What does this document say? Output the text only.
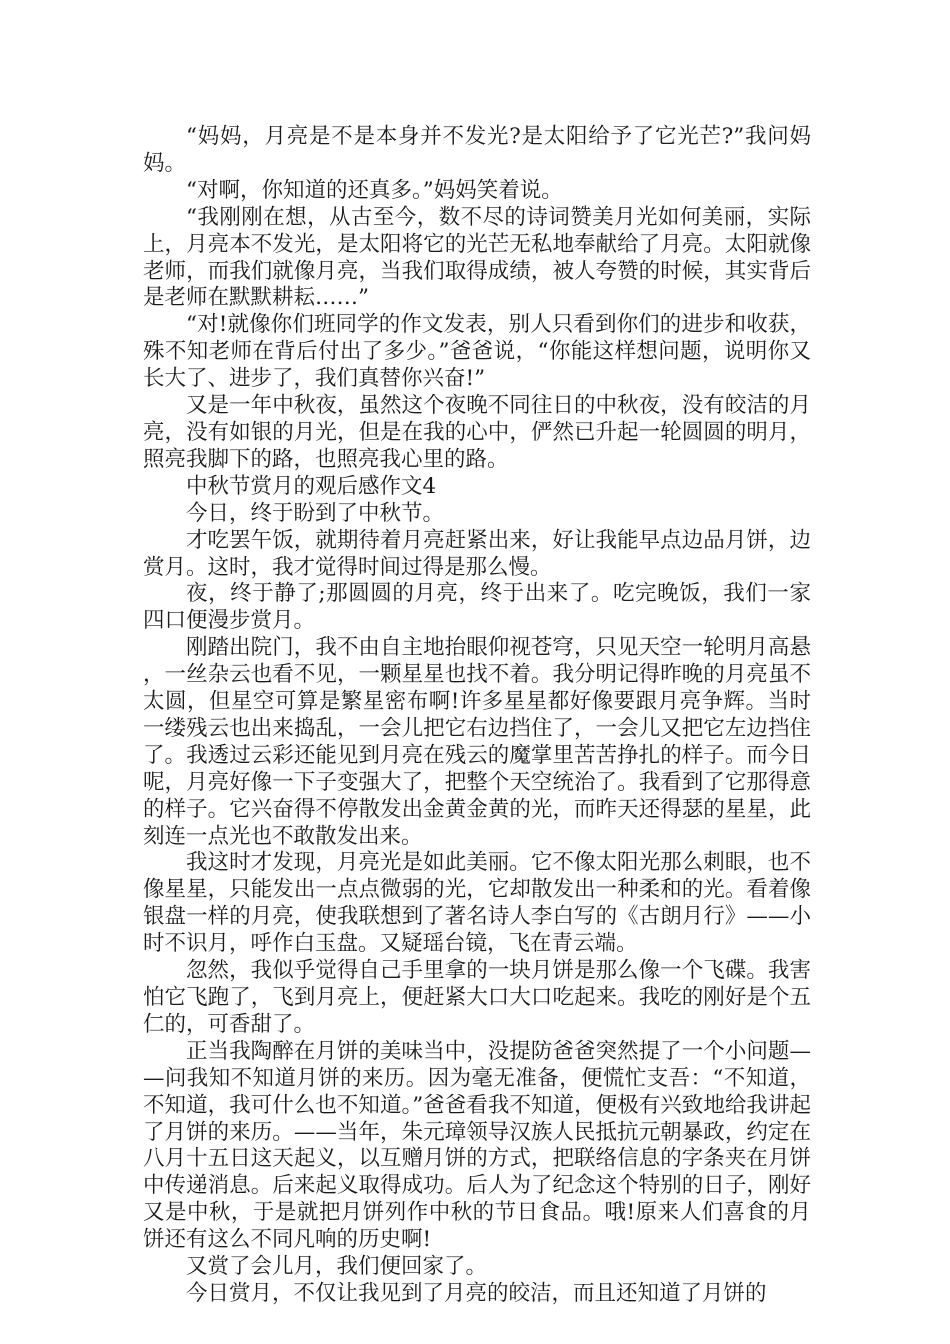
“妈妈，月亮是不是本身并不发光?是太阳给予了它光芒?”我问妈妈。

“对啊，你知道的还真多。”妈妈笑着说。

“我刚刚在想，从古至今，数不尽的诗词赞美月光如何美丽，实际上，月亮本不发光，是太阳将它的光芒无私地奉献给了月亮。太阳就像老师，而我们就像月亮，当我们取得成绩，被人夸赞的时候，其实背后是老师在默默耕耘……”

“对!就像你们班同学的作文发表，别人只看到你们的进步和收获，殊不知老师在背后付出了多少。”爸爸说，“你能这样想问题，说明你又长大了、进步了，我们真替你兴奋!”

又是一年中秋夜，虽然这个夜晚不同往日的中秋夜，没有皎洁的月亮，没有如银的月光，但是在我的心中，俨然已升起一轮圆圆的明月，照亮我脚下的路，也照亮我心里的路。

中秋节赏月的观后感作文4

今日，终于盼到了中秋节。

才吃罢午饭，就期待着月亮赶紧出来，好让我能早点边品月饼，边赏月。这时，我才觉得时间过得是那么慢。

夜，终于静了;那圆圆的月亮，终于出来了。吃完晚饭，我们一家四口便漫步赏月。

刚踏出院门，我不由自主地抬眼仰视苍穹，只见天空一轮明月高悬，一丝杂云也看不见，一颗星星也找不着。我分明记得昨晚的月亮虽不太圆，但星空可算是繁星密布啊!许多星星都好像要跟月亮争辉。当时一缕残云也出来捣乱，一会儿把它右边挡住了，一会儿又把它左边挡住了。我透过云彩还能见到月亮在残云的魔掌里苦苦挣扎的样子。而今日呢，月亮好像一下子变强大了，把整个天空统治了。我看到了它那得意的样子。它兴奋得不停散发出金黄金黄的光，而昨天还得瑟的星星，此刻连一点光也不敢散发出来。

我这时才发现，月亮光是如此美丽。它不像太阳光那么刺眼，也不像星星，只能发出一点点微弱的光，它却散发出一种柔和的光。看着像银盘一样的月亮，使我联想到了著名诗人李白写的《古朗月行》——小时不识月，呼作白玉盘。又疑瑶台镜，飞在青云端。

忽然，我似乎觉得自己手里拿的一块月饼是那么像一个飞碟。我害怕它飞跑了，飞到月亮上，便赶紧大口大口吃起来。我吃的刚好是个五仁的，可香甜了。

正当我陶醉在月饼的美味当中，没提防爸爸突然提了一个小问题——问我知不知道月饼的来历。因为毫无准备，便慌忙支吾：“不知道，不知道，我可什么也不知道。”爸爸看我不知道，便极有兴致地给我讲起了月饼的来历。——当年，朱元璋领导汉族人民抵抗元朝暴政，约定在八月十五日这天起义，以互赠月饼的方式，把联络信息的字条夹在月饼中传递消息。后来起义取得成功。后人为了纪念这个特别的日子，刚好又是中秋，于是就把月饼列作中秋的节日食品。哦!原来人们喜食的月饼还有这么不同凡响的历史啊!

又赏了会儿月，我们便回家了。

今日赏月，不仅让我见到了月亮的皎洁，而且还知道了月饼的
